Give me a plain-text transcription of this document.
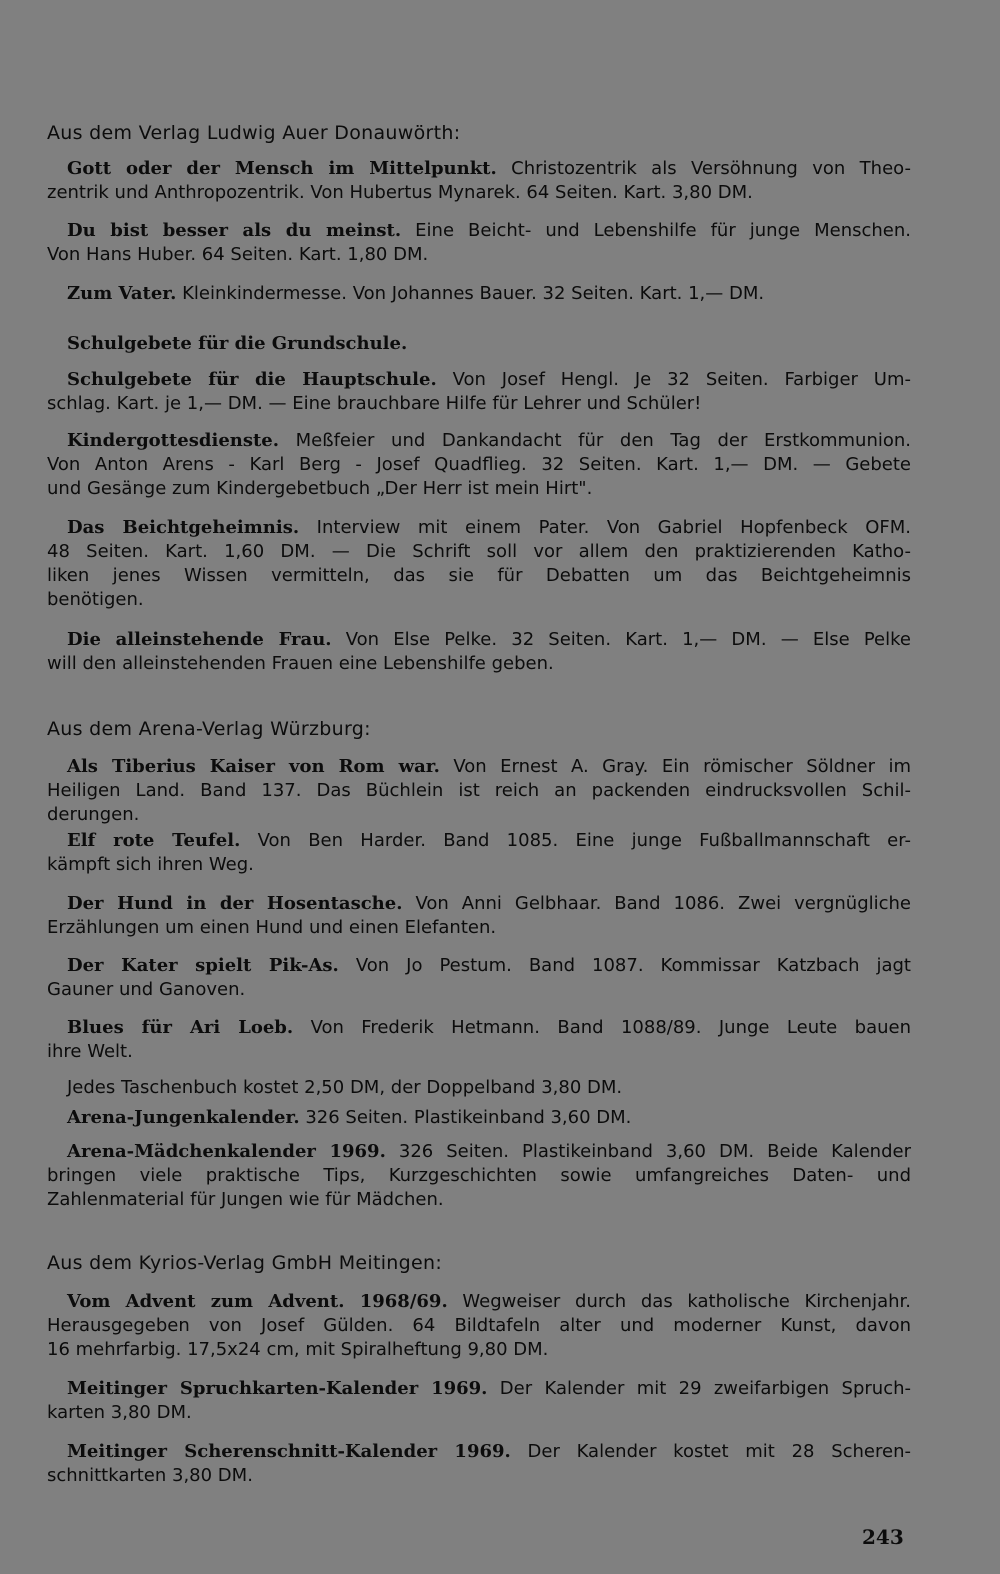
Aus dem Verlag Ludwig Auer Donauwörth:
Gott oder der Mensch im Mittelpunkt. Christozentrik als Versöhnung von Theo-
zentrik und Anthropozentrik. Von Hubertus Mynarek. 64 Seiten. Kart. 3,80 DM.
Du bist besser als du meinst. Eine Beicht- und Lebenshilfe für junge Menschen.
Von Hans Huber. 64 Seiten. Kart. 1,80 DM.
Zum Vater. Kleinkindermesse. Von Johannes Bauer. 32 Seiten. Kart. 1,— DM.
Schulgebete für die Grundschule.
Schulgebete für die Hauptschule. Von Josef Hengl. Je 32 Seiten. Farbiger Um-
schlag. Kart. je 1,— DM. — Eine brauchbare Hilfe für Lehrer und Schüler!
Kindergottesdienste. Meßfeier und Dankandacht für den Tag der Erstkommunion.
Von Anton Arens - Karl Berg - Josef Quadflieg. 32 Seiten. Kart. 1,— DM. — Gebete
und Gesänge zum Kindergebetbuch „Der Herr ist mein Hirt".
Das Beichtgeheimnis. Interview mit einem Pater. Von Gabriel Hopfenbeck OFM.
48 Seiten. Kart. 1,60 DM. — Die Schrift soll vor allem den praktizierenden Katho-
liken jenes Wissen vermitteln, das sie für Debatten um das Beichtgeheimnis
benötigen.
Die alleinstehende Frau. Von Else Pelke. 32 Seiten. Kart. 1,— DM. — Else Pelke
will den alleinstehenden Frauen eine Lebenshilfe geben.
Aus dem Arena-Verlag Würzburg:
Als Tiberius Kaiser von Rom war. Von Ernest A. Gray. Ein römischer Söldner im
Heiligen Land. Band 137. Das Büchlein ist reich an packenden eindrucksvollen Schil-
derungen.
Elf rote Teufel. Von Ben Harder. Band 1085. Eine junge Fußballmannschaft er-
kämpft sich ihren Weg.
Der Hund in der Hosentasche. Von Anni Gelbhaar. Band 1086. Zwei vergnügliche
Erzählungen um einen Hund und einen Elefanten.
Der Kater spielt Pik-As. Von Jo Pestum. Band 1087. Kommissar Katzbach jagt
Gauner und Ganoven.
Blues für Ari Loeb. Von Frederik Hetmann. Band 1088/89. Junge Leute bauen
ihre Welt.
Jedes Taschenbuch kostet 2,50 DM, der Doppelband 3,80 DM.
Arena-Jungenkalender. 326 Seiten. Plastikeinband 3,60 DM.
Arena-Mädchenkalender 1969. 326 Seiten. Plastikeinband 3,60 DM. Beide Kalender
bringen viele praktische Tips, Kurzgeschichten sowie umfangreiches Daten- und
Zahlenmaterial für Jungen wie für Mädchen.
Aus dem Kyrios-Verlag GmbH Meitingen:
Vom Advent zum Advent. 1968/69. Wegweiser durch das katholische Kirchenjahr.
Herausgegeben von Josef Gülden. 64 Bildtafeln alter und moderner Kunst, davon
16 mehrfarbig. 17,5x24 cm, mit Spiralheftung 9,80 DM.
Meitinger Spruchkarten-Kalender 1969. Der Kalender mit 29 zweifarbigen Spruch-
karten 3,80 DM.
Meitinger Scherenschnitt-Kalender 1969. Der Kalender kostet mit 28 Scheren-
schnittkarten 3,80 DM.
243
